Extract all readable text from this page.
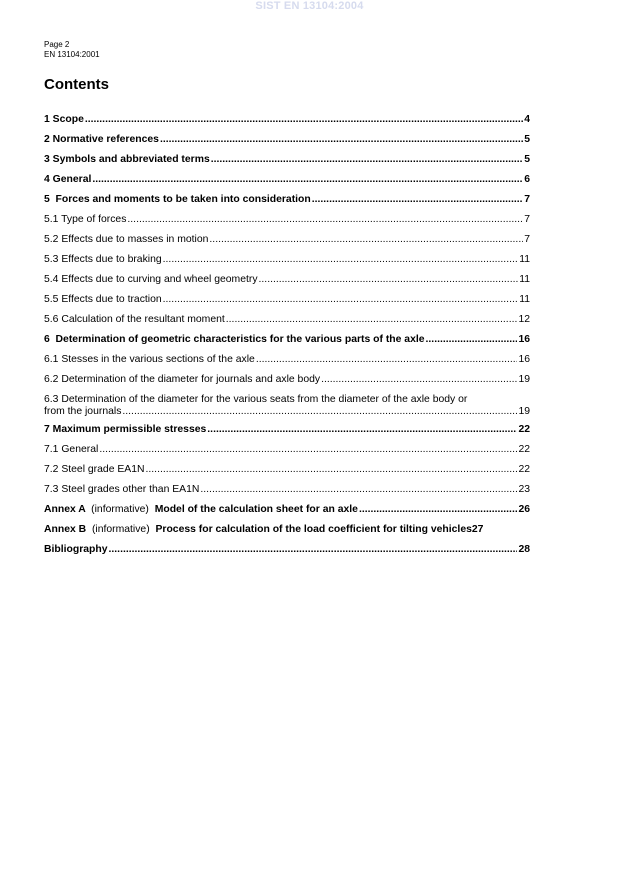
SIST EN 13104:2004
Page 2
EN 13104:2001
Contents
1 Scope .....	4
2 Normative references .....	5
3 Symbols and abbreviated terms .....	5
4 General .....	6
5  Forces and moments to be taken into consideration .....	7
5.1 Type of forces .....	7
5.2 Effects due to masses in motion .....	7
5.3 Effects due to braking .....	11
5.4 Effects due to curving and wheel geometry .....	11
5.5 Effects due to traction .....	11
5.6 Calculation of the resultant moment .....	12
6  Determination of geometric characteristics for the various parts of the axle .....	16
6.1 Stesses in the various sections of the axle .....	16
6.2 Determination of the diameter for journals and axle body .....	19
6.3 Determination of the diameter for the various seats from the diameter of the axle body or
from the journals .....	19
7 Maximum permissible stresses .....	22
7.1 General .....	22
7.2 Steel grade EA1N .....	22
7.3 Steel grades other than EA1N .....	23
Annex A (informative) Model of the calculation sheet for an axle .....	26
Annex B (informative) Process for calculation of the load coefficient for tilting vehicles 27
Bibliography .....	28
